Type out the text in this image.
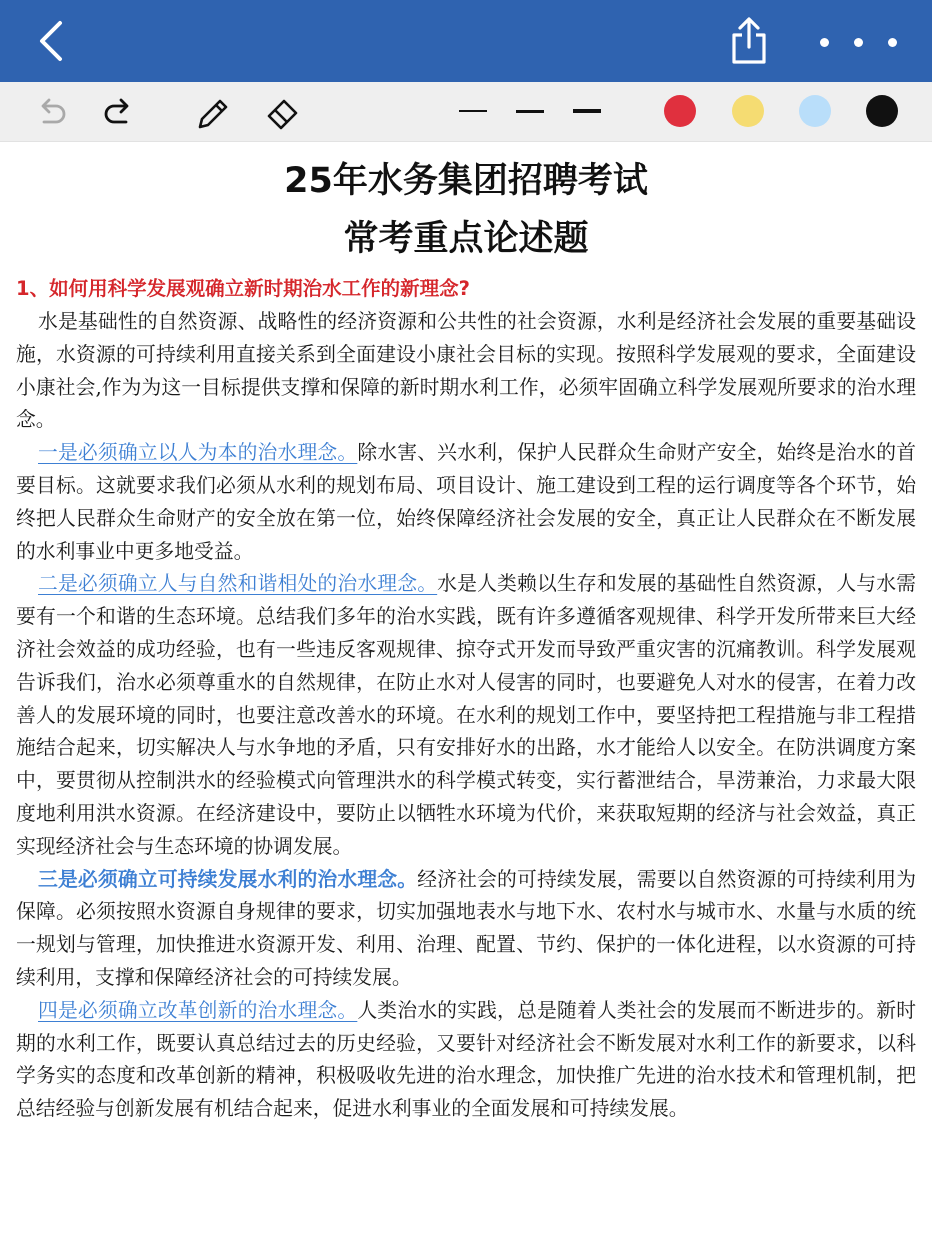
25年水务集团招聘考试
常考重点论述题
1、如何用科学发展观确立新时期治水工作的新理念?

水是基础性的自然资源、战略性的经济资源和公共性的社会资源，水利是经济社会发展的重要基础设施，水资源的可持续利用直接关系到全面建设小康社会目标的实现。按照科学发展观的要求，全面建设小康社会,作为为这一目标提供支撑和保障的新时期水利工作，必须牢固确立科学发展观所要求的治水理念。

一是必须确立以人为本的治水理念。除水害、兴水利，保护人民群众生命财产安全，始终是治水的首要目标。这就要求我们必须从水利的规划布局、项目设计、施工建设到工程的运行调度等各个环节，始终把人民群众生命财产的安全放在第一位，始终保障经济社会发展的安全，真正让人民群众在不断发展的水利事业中更多地受益。

二是必须确立人与自然和谐相处的治水理念。水是人类赖以生存和发展的基础性自然资源，人与水需要有一个和谐的生态环境。总结我们多年的治水实践，既有许多遵循客观规律、科学开发所带来巨大经济社会效益的成功经验，也有一些违反客观规律、掠夺式开发而导致严重灾害的沉痛教训。科学发展观告诉我们，治水必须尊重水的自然规律，在防止水对人侵害的同时，也要避免人对水的侵害，在着力改善人的发展环境的同时，也要注意改善水的环境。在水利的规划工作中，要坚持把工程措施与非工程措施结合起来，切实解决人与水争地的矛盾，只有安排好水的出路，水才能给人以安全。在防洪调度方案中，要贯彻从控制洪水的经验模式向管理洪水的科学模式转变，实行蓄泄结合，旱涝兼治，力求最大限度地利用洪水资源。在经济建设中，要防止以牺牲水环境为代价，来获取短期的经济与社会效益，真正实现经济社会与生态环境的协调发展。

三是必须确立可持续发展水利的治水理念。经济社会的可持续发展，需要以自然资源的可持续利用为保障。必须按照水资源自身规律的要求，切实加强地表水与地下水、农村水与城市水、水量与水质的统一规划与管理，加快推进水资源开发、利用、治理、配置、节约、保护的一体化进程，以水资源的可持续利用，支撑和保障经济社会的可持续发展。

四是必须确立改革创新的治水理念。人类治水的实践，总是随着人类社会的发展而不断进步的。新时期的水利工作，既要认真总结过去的历史经验，又要针对经济社会不断发展对水利工作的新要求，以科学务实的态度和改革创新的精神，积极吸收先进的治水理念，加快推广先进的治水技术和管理机制，把总结经验与创新发展有机结合起来，促进水利事业的全面发展和可持续发展。
